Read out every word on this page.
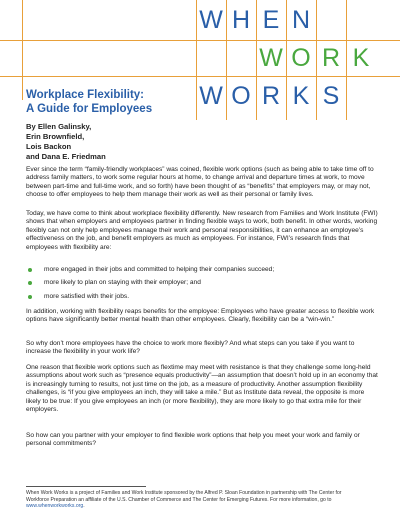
W H E N
W O R K
W O R K S
Workplace Flexibility:
A Guide for Employees
By Ellen Galinsky,
Erin Brownfield,
Lois Backon
and Dana E. Friedman

Ever since the term “family-friendly workplaces” was coined, flexible work options (such as being able to take time off to address family matters, to work some regular hours at home, to change arrival and departure times at work, to move between part-time and full-time work, and so forth) have been thought of as “benefits” that employers may, or may not, choose to offer employees to help them manage their work as well as their personal or family lives.

Today, we have come to think about workplace flexibility differently. New research from Families and Work Institute (FWI) shows that when employers and employees partner in finding flexible ways to work, both benefit. In other words, working flexibly can not only help employees manage their work and personal responsibilities, it can enhance an employee’s effectiveness on the job, and benefit employers as much as employees. For instance, FWI’s research finds that employees with flexibility are:

more engaged in their jobs and committed to helping their companies succeed;
more likely to plan on staying with their employer; and
more satisfied with their jobs.

In addition, working with flexibility reaps benefits for the employee: Employees who have greater access to flexible work options have significantly better mental health than other employees. Clearly, flexibility can be a “win-win.”

So why don’t more employees have the choice to work more flexibly? And what steps can you take if you want to increase the flexibility in your work life?

One reason that flexible work options such as flextime may meet with resistance is that they challenge some long-held assumptions about work such as “presence equals productivity”—an assumption that doesn’t hold up in an economy that is increasingly turning to results, not just time on the job, as a measure of productivity. Another assumption flexibility challenges, is “if you give employees an inch, they will take a mile.” But as Institute data reveal, the opposite is more likely to be true: If you give employees an inch (or more flexibility), they are more likely to go that extra mile for their employers.

So how can you partner with your employer to find flexible work options that help you meet your work and family or personal commitments?

When Work Works is a project of Families and Work Institute sponsored by the Alfred P. Sloan Foundation in partnership with The Center for Workforce Preparation an affiliate of the U.S. Chamber of Commerce and The Center for Emerging Futures. For more information, go to www.whenworkworks.org.
